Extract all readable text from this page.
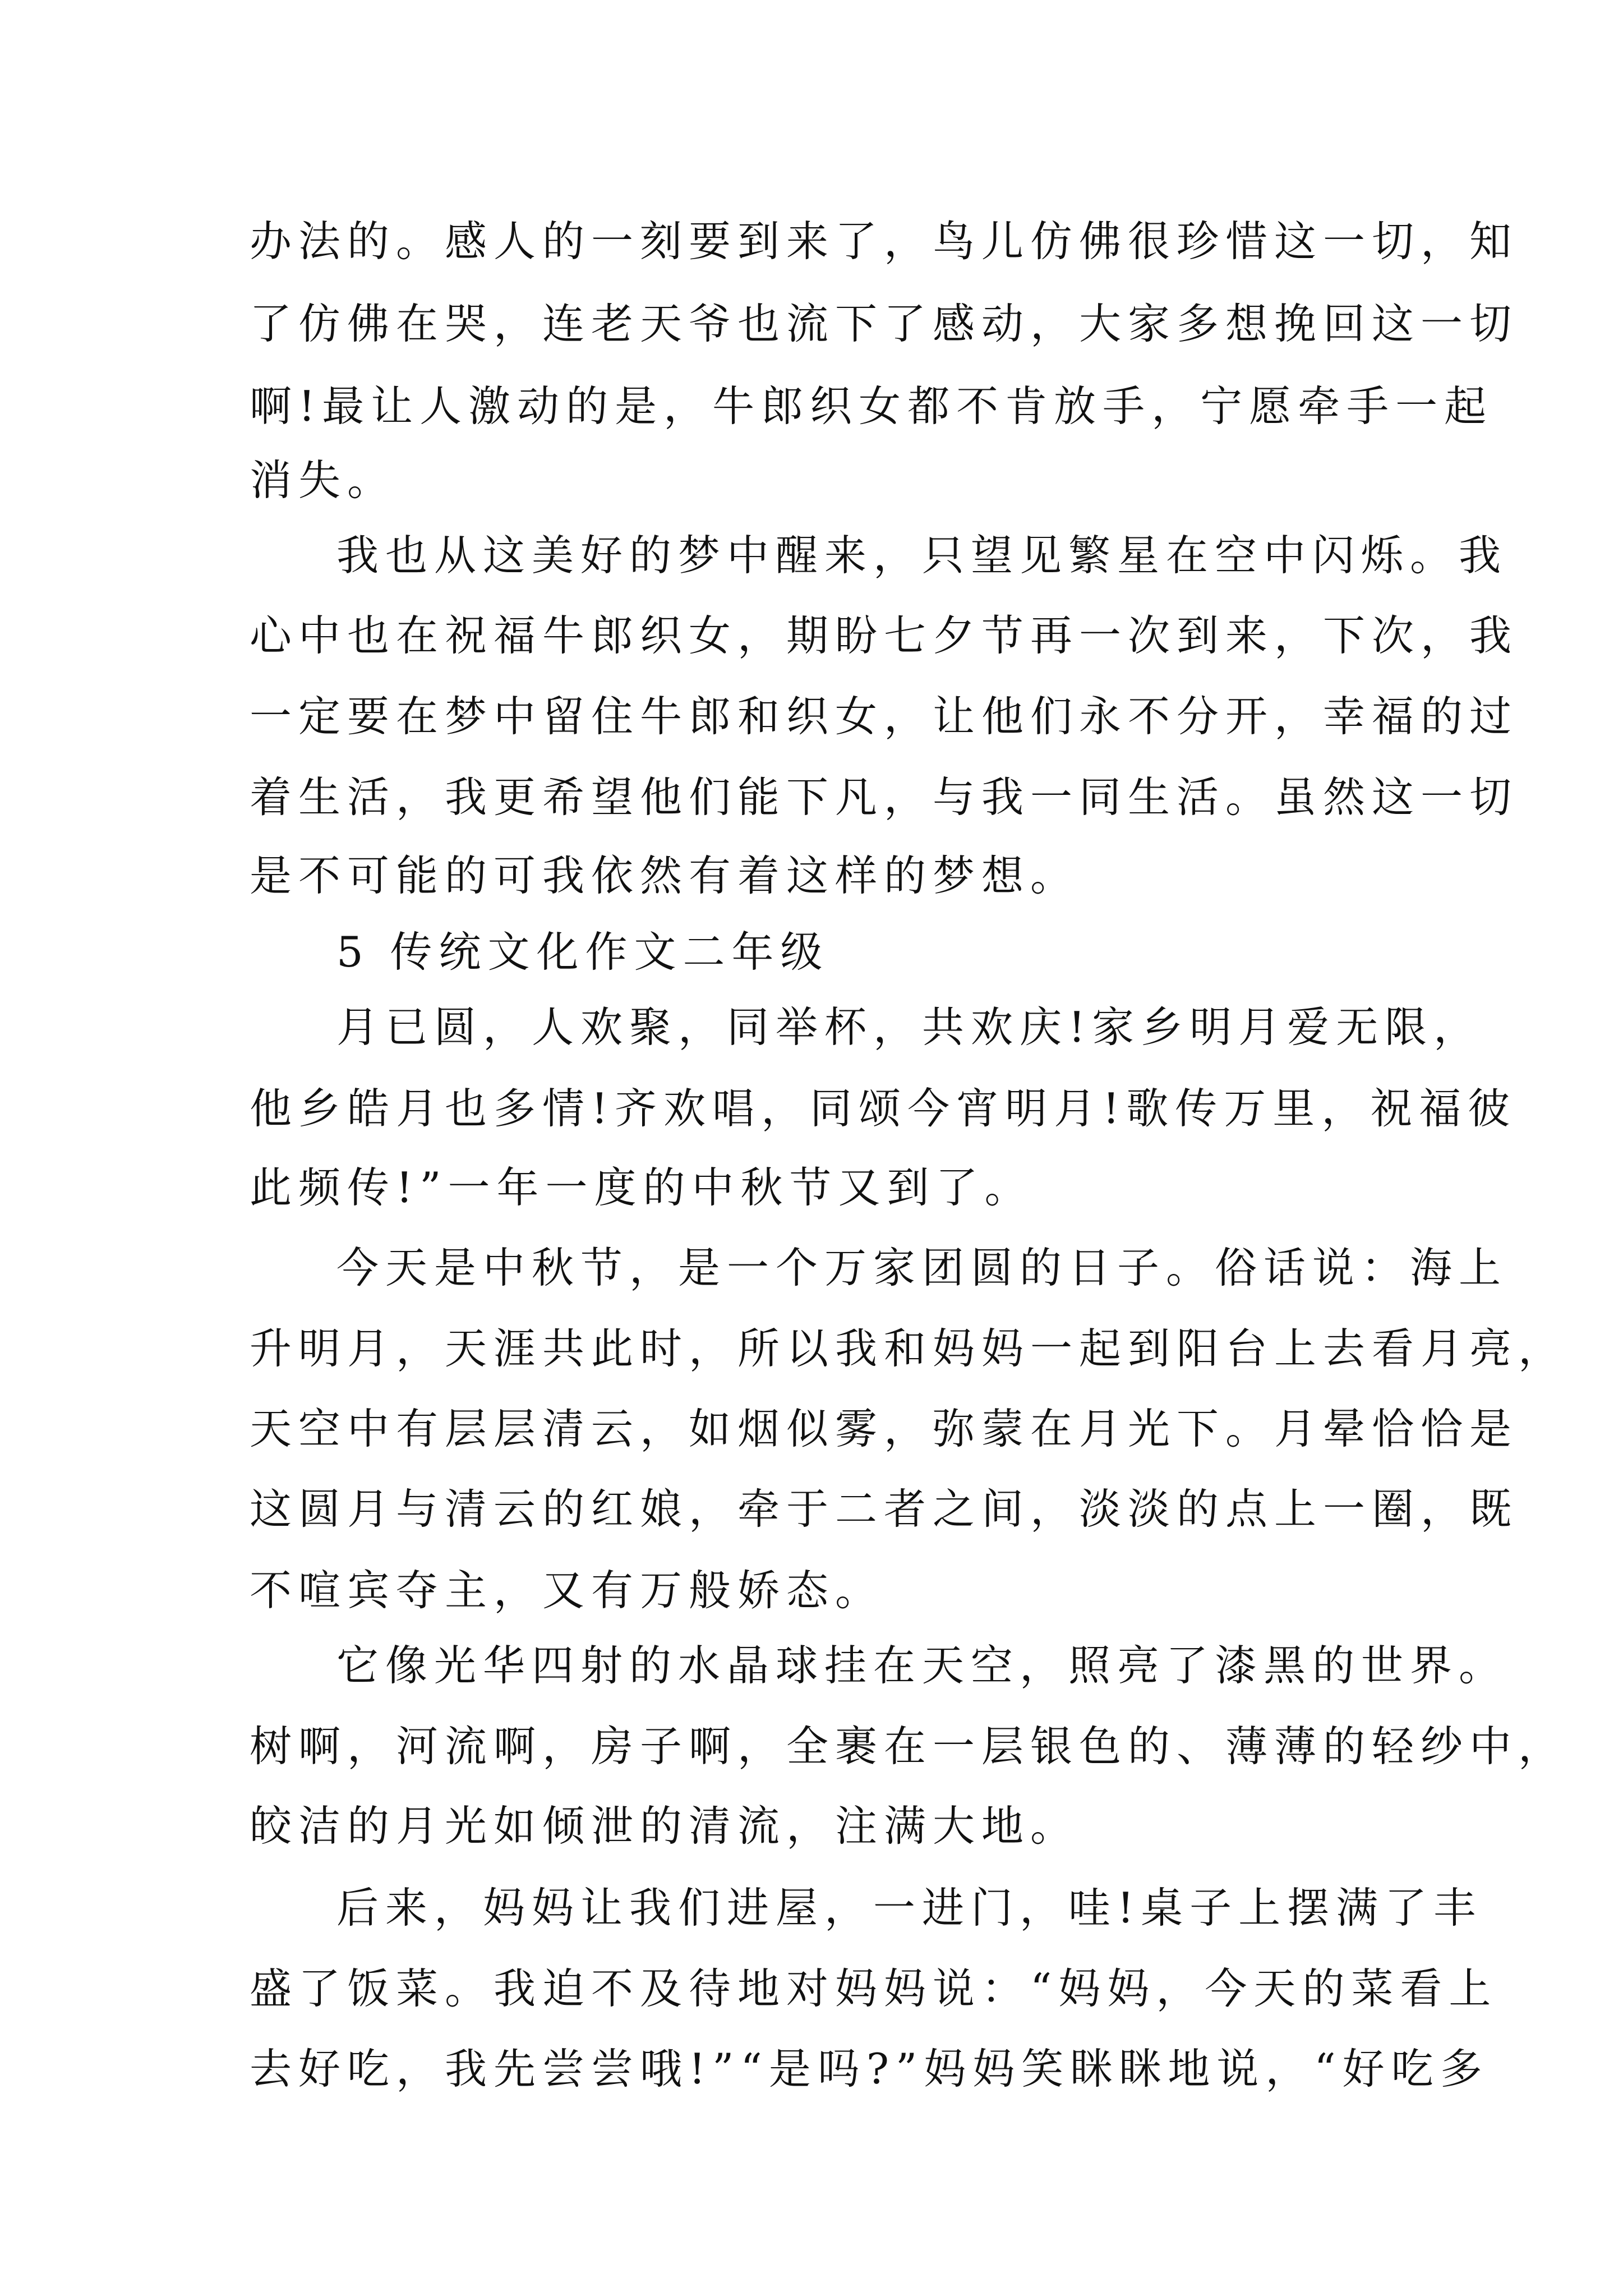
办法的。感人的一刻要到来了，鸟儿仿佛很珍惜这一切，知
了仿佛在哭，连老天爷也流下了感动，大家多想挽回这一切
啊!最让人激动的是，牛郎织女都不肯放手，宁愿牵手一起
消失。
我也从这美好的梦中醒来，只望见繁星在空中闪烁。我
心中也在祝福牛郎织女，期盼七夕节再一次到来，下次，我
一定要在梦中留住牛郎和织女，让他们永不分开，幸福的过
着生活，我更希望他们能下凡，与我一同生活。虽然这一切
是不可能的可我依然有着这样的梦想。
5 传统文化作文二年级
月已圆，人欢聚，同举杯，共欢庆!家乡明月爱无限，
他乡皓月也多情!齐欢唱，同颂今宵明月!歌传万里，祝福彼
此频传!”一年一度的中秋节又到了。
今天是中秋节，是一个万家团圆的日子。俗话说：海上
升明月，天涯共此时，所以我和妈妈一起到阳台上去看月亮，
天空中有层层清云，如烟似雾，弥蒙在月光下。月晕恰恰是
这圆月与清云的红娘，牵于二者之间，淡淡的点上一圈，既
不喧宾夺主，又有万般娇态。
它像光华四射的水晶球挂在天空，照亮了漆黑的世界。
树啊，河流啊，房子啊，全裹在一层银色的、薄薄的轻纱中，
皎洁的月光如倾泄的清流，注满大地。
后来，妈妈让我们进屋，一进门，哇!桌子上摆满了丰
盛了饭菜。我迫不及待地对妈妈说：“妈妈，今天的菜看上
去好吃，我先尝尝哦!”“是吗?”妈妈笑眯眯地说，“好吃多
